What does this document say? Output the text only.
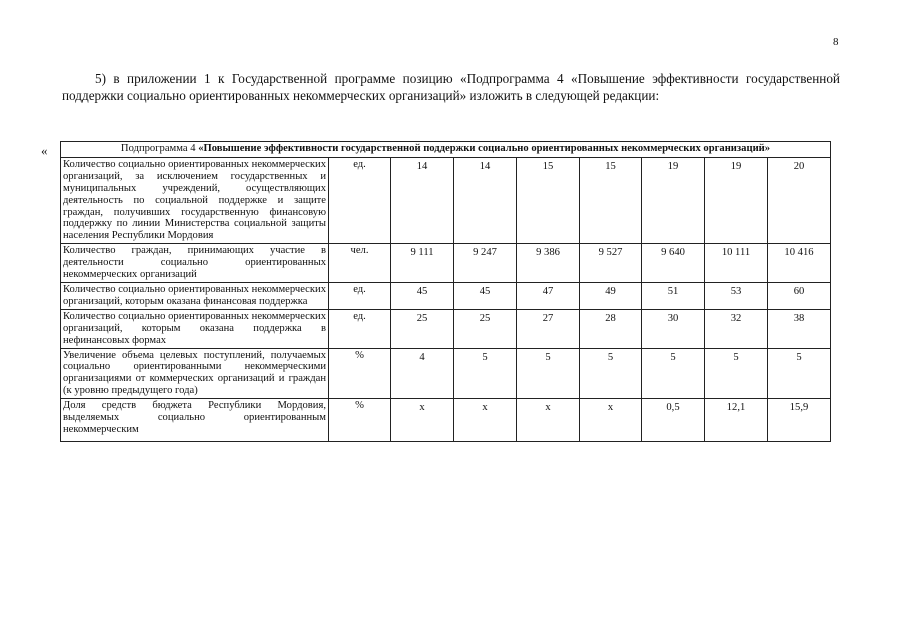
8

5) в приложении 1 к Государственной программе позицию «Подпрограмма 4 «Повышение эффективности государственной поддержки социально ориентированных некоммерческих организаций» изложить в следующей редакции:

«	Подпрограмма 4 «Повышение эффективности государственной поддержки социально ориентированных некоммерческих организаций»								
Количество социально ориентированных некоммерческих организаций, за исключением государственных и муниципальных учреждений, осуществляющих деятельность по социальной поддержке и защите граждан, получивших государственную финансовую поддержку по линии Министерства социальной защиты населения Республики Мордовия	ед.	14	14	15	15	19	19	20
Количество граждан, принимающих участие в деятельности социально ориентированных некоммерческих организаций	чел.	9 111	9 247	9 386	9 527	9 640	10 111	10 416
Количество социально ориентированных некоммерческих организаций, которым оказана финансовая поддержка	ед.	45	45	47	49	51	53	60
Количество социально ориентированных некоммерческих организаций, которым оказана поддержка в нефинансовых формах	ед.	25	25	27	28	30	32	38
Увеличение объема целевых поступлений, получаемых социально ориентированными некоммерческими организациями от коммерческих организаций и граждан (к уровню предыдущего года)	%	4	5	5	5	5	5	5

Доля средств бюджета Республики Мордовия, выделяемых социально ориентированным некоммерческим	%	х	х	х	х	0,5	12,1	15,9
